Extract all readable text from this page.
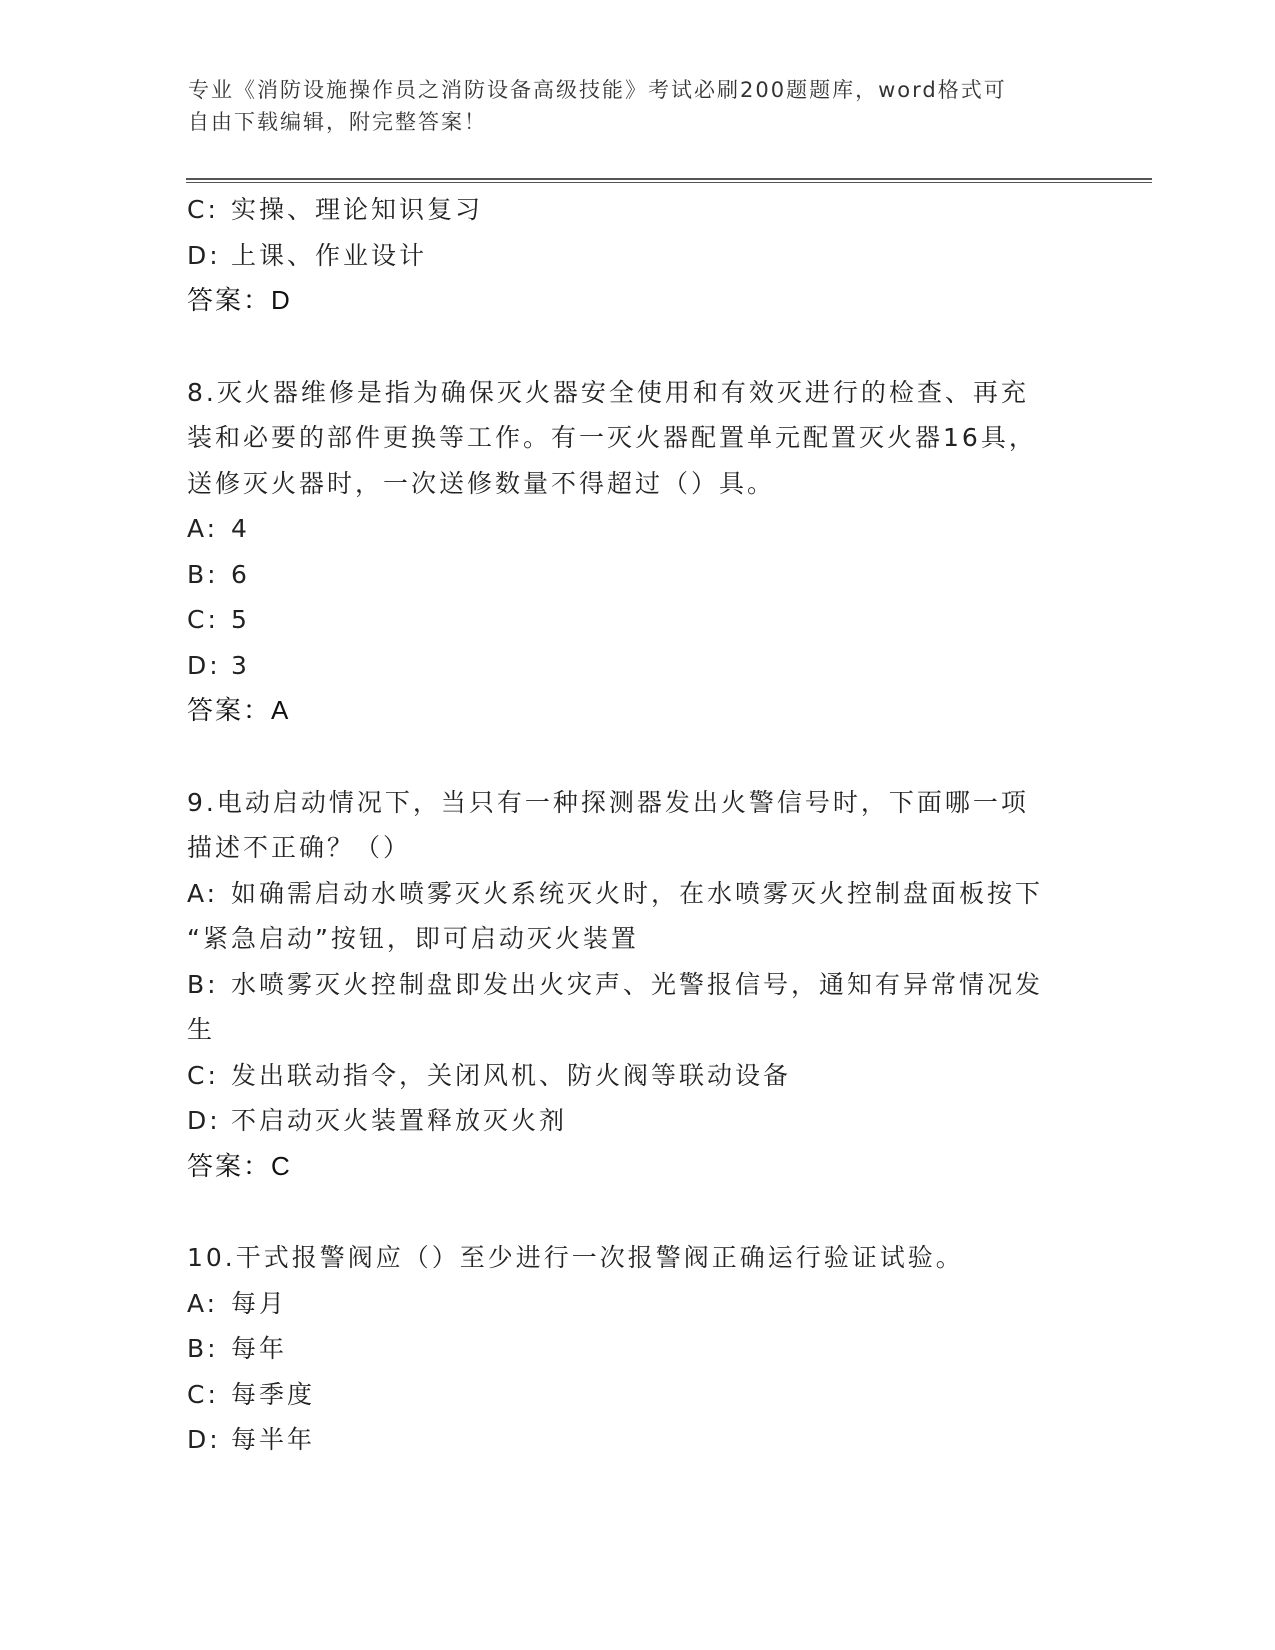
专业《消防设施操作员之消防设备高级技能》考试必刷200题题库，word格式可
自由下载编辑，附完整答案！
C: 实操、理论知识复习
D: 上课、作业设计
答案：D
8.灭火器维修是指为确保灭火器安全使用和有效灭进行的检查、再充
装和必要的部件更换等工作。有一灭火器配置单元配置灭火器16具，
送修灭火器时，一次送修数量不得超过（）具。
A: 4
B: 6
C: 5
D: 3
答案：A
9.电动启动情况下，当只有一种探测器发出火警信号时，下面哪一项
描述不正确？（）
A: 如确需启动水喷雾灭火系统灭火时，在水喷雾灭火控制盘面板按下
“紧急启动”按钮，即可启动灭火装置
B: 水喷雾灭火控制盘即发出火灾声、光警报信号，通知有异常情况发
生
C: 发出联动指令，关闭风机、防火阀等联动设备
D: 不启动灭火装置释放灭火剂
答案：C
10.干式报警阀应（）至少进行一次报警阀正确运行验证试验。
A: 每月
B: 每年
C: 每季度
D: 每半年
